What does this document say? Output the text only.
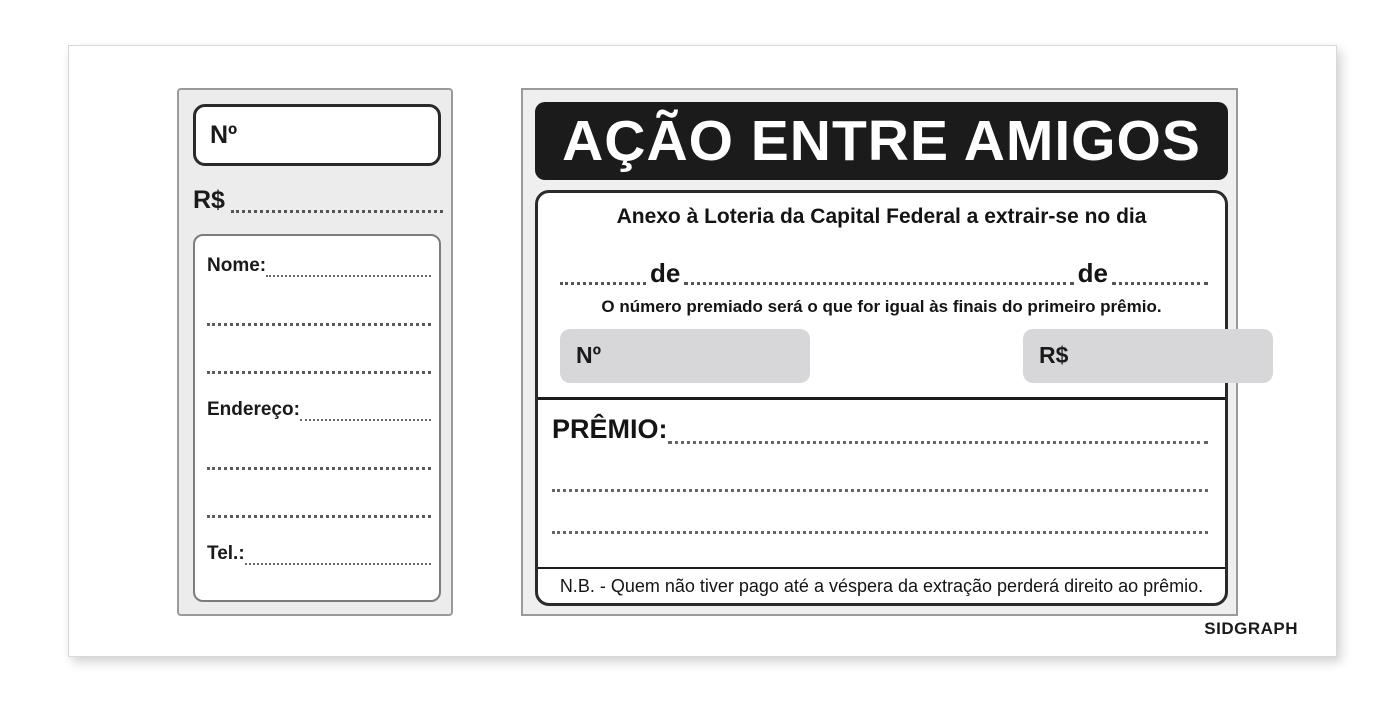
Nº
R$
Nome:
Endereço:
Tel.:
AÇÃO ENTRE AMIGOS
Anexo à Loteria da Capital Federal a extrair-se no dia
de	de
O número premiado será o que for igual às finais do primeiro prêmio.
Nº	R$
PRÊMIO:
N.B. - Quem não tiver pago até a véspera da extração perderá direito ao prêmio.
SIDGRAPH
